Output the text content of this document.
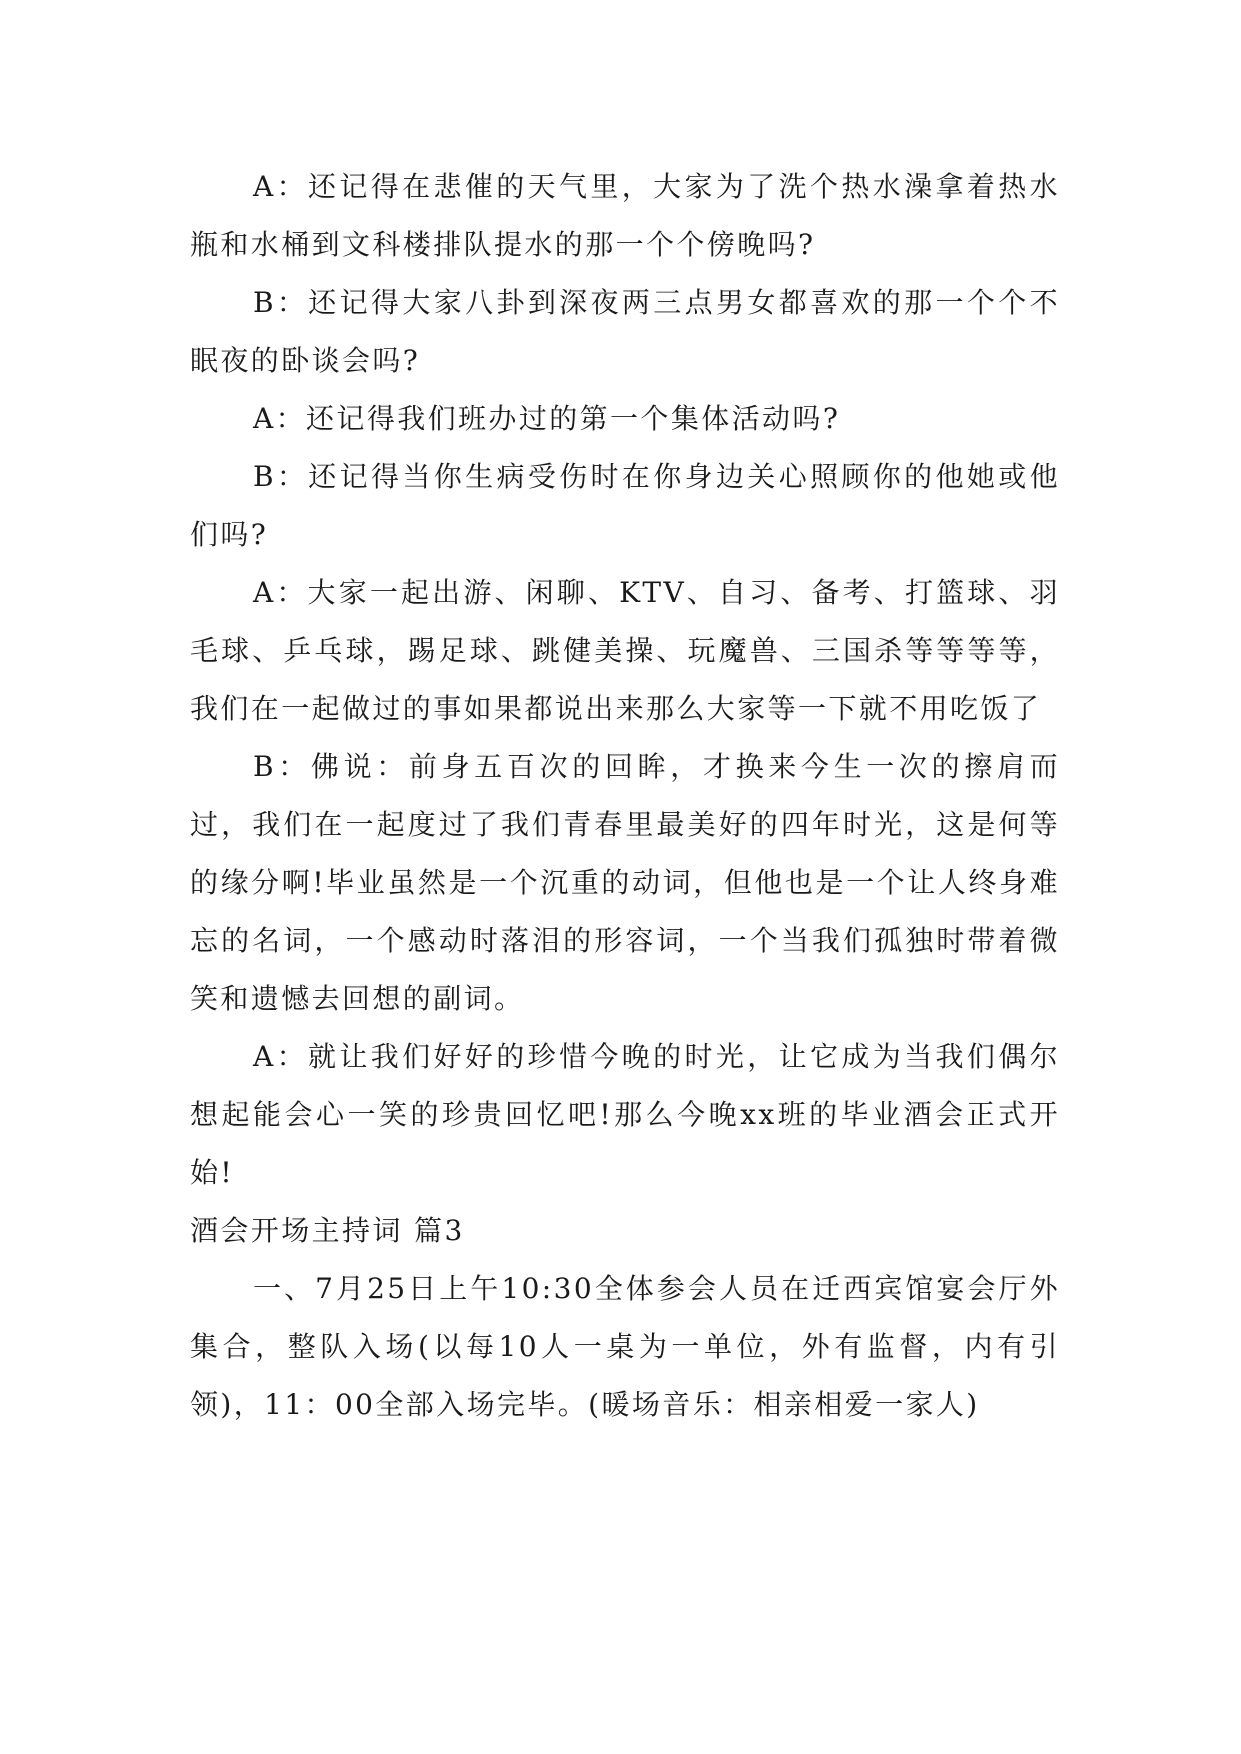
A：还记得在悲催的天气里，大家为了洗个热水澡拿着热水瓶和水桶到文科楼排队提水的那一个个傍晚吗?

B：还记得大家八卦到深夜两三点男女都喜欢的那一个个不眠夜的卧谈会吗?

A：还记得我们班办过的第一个集体活动吗?

B：还记得当你生病受伤时在你身边关心照顾你的他她或他们吗?

A：大家一起出游、闲聊、KTV、自习、备考、打篮球、羽毛球、乒乓球，踢足球、跳健美操、玩魔兽、三国杀等等等等，我们在一起做过的事如果都说出来那么大家等一下就不用吃饭了

B：佛说：前身五百次的回眸，才换来今生一次的擦肩而过，我们在一起度过了我们青春里最美好的四年时光，这是何等的缘分啊!毕业虽然是一个沉重的动词，但他也是一个让人终身难忘的名词，一个感动时落泪的形容词，一个当我们孤独时带着微笑和遗憾去回想的副词。

A：就让我们好好的珍惜今晚的时光，让它成为当我们偶尔想起能会心一笑的珍贵回忆吧!那么今晚xx班的毕业酒会正式开始!

酒会开场主持词 篇3

一、7月25日上午10:30全体参会人员在迁西宾馆宴会厅外集合，整队入场(以每10人一桌为一单位，外有监督，内有引领)，11：00全部入场完毕。(暖场音乐：相亲相爱一家人)
